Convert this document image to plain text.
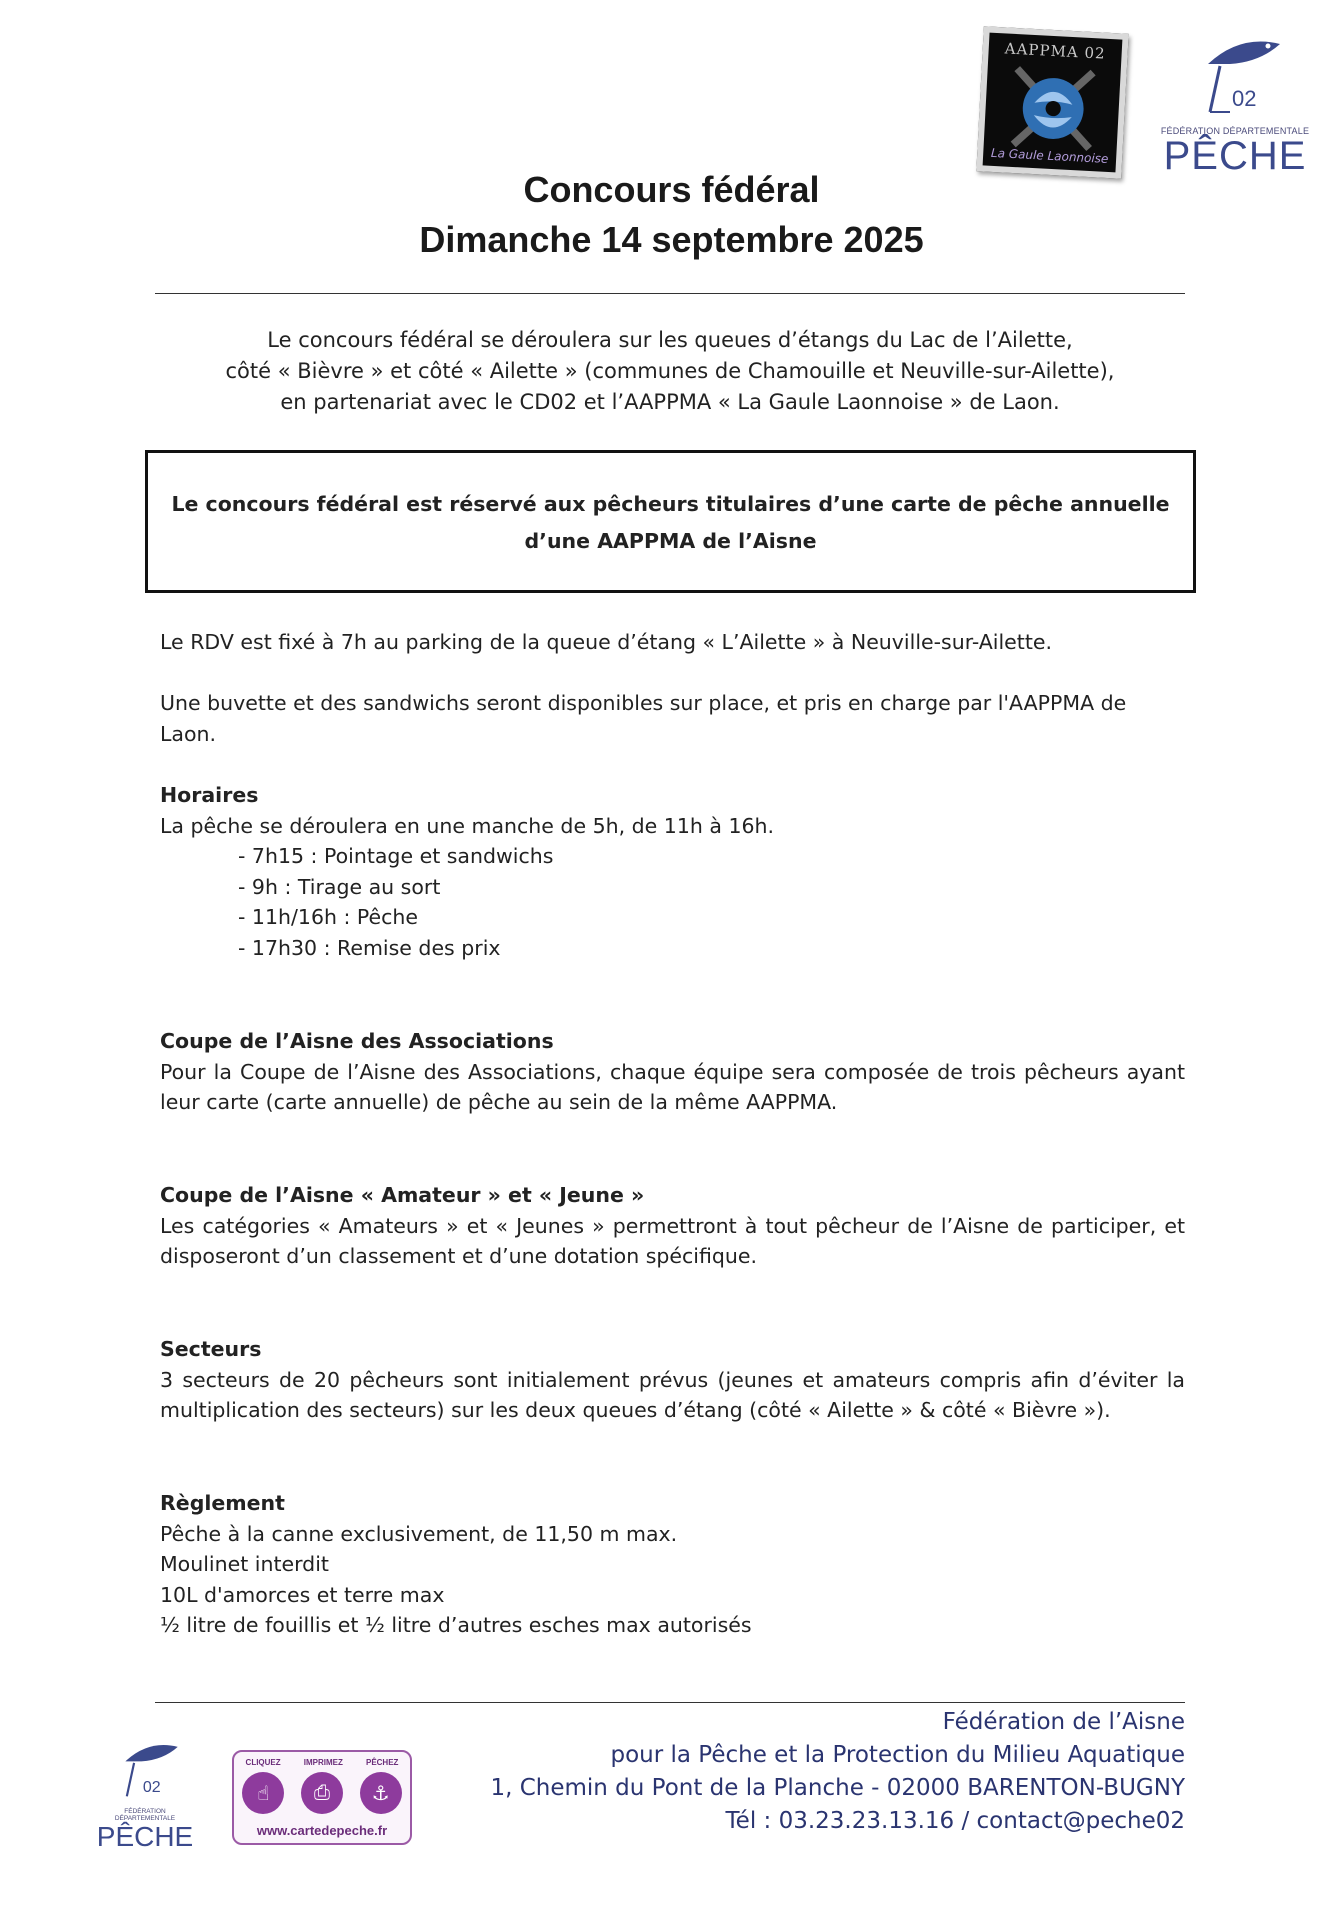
AAPPMA 02
La Gaule Laonnoise
02
FÉDÉRATION DÉPARTEMENTALE
PÊCHE
Concours fédéral
Dimanche 14 septembre 2025
Le concours fédéral se déroulera sur les queues d’étangs du Lac de l’Ailette,
côté « Bièvre » et côté « Ailette » (communes de Chamouille et Neuville-sur-Ailette),
en partenariat avec le CD02 et l’AAPPMA « La Gaule Laonnoise » de Laon.
Le concours fédéral est réservé aux pêcheurs titulaires d’une carte de pêche annuelle
d’une AAPPMA de l’Aisne
Le RDV est fixé à 7h au parking de la queue d’étang « L’Ailette » à Neuville-sur-Ailette.
Une buvette et des sandwichs seront disponibles sur place, et pris en charge par l'AAPPMA de Laon.
Horaires
La pêche se déroulera en une manche de 5h, de 11h à 16h.
- 7h15 : Pointage et sandwichs
- 9h : Tirage au sort
- 11h/16h : Pêche
- 17h30 : Remise des prix
Coupe de l’Aisne des Associations
Pour la Coupe de l’Aisne des Associations, chaque équipe sera composée de trois pêcheurs ayant leur carte (carte annuelle) de pêche au sein de la même AAPPMA.
Coupe de l’Aisne « Amateur » et « Jeune »
Les catégories « Amateurs » et « Jeunes » permettront à tout pêcheur de l’Aisne de participer, et disposeront d’un classement et d’une dotation spécifique.
Secteurs
3 secteurs de 20 pêcheurs sont initialement prévus (jeunes et amateurs compris afin d’éviter la multiplication des secteurs) sur les deux queues d’étang (côté « Ailette » & côté « Bièvre »).
Règlement
Pêche à la canne exclusivement, de 11,50 m max.
Moulinet interdit
10L d'amorces et terre max
½ litre de fouillis et ½ litre d’autres esches max autorisés
02
FÉDÉRATION DÉPARTEMENTALE
PÊCHE
CLIQUEZ	IMPRIMEZ	PÊCHEZ
☝	⎙	⚓
www.cartedepeche.fr
Fédération de l’Aisne
pour la Pêche et la Protection du Milieu Aquatique
1, Chemin du Pont de la Planche - 02000 BARENTON-BUGNY
Tél : 03.23.23.13.16 / contact@peche02
